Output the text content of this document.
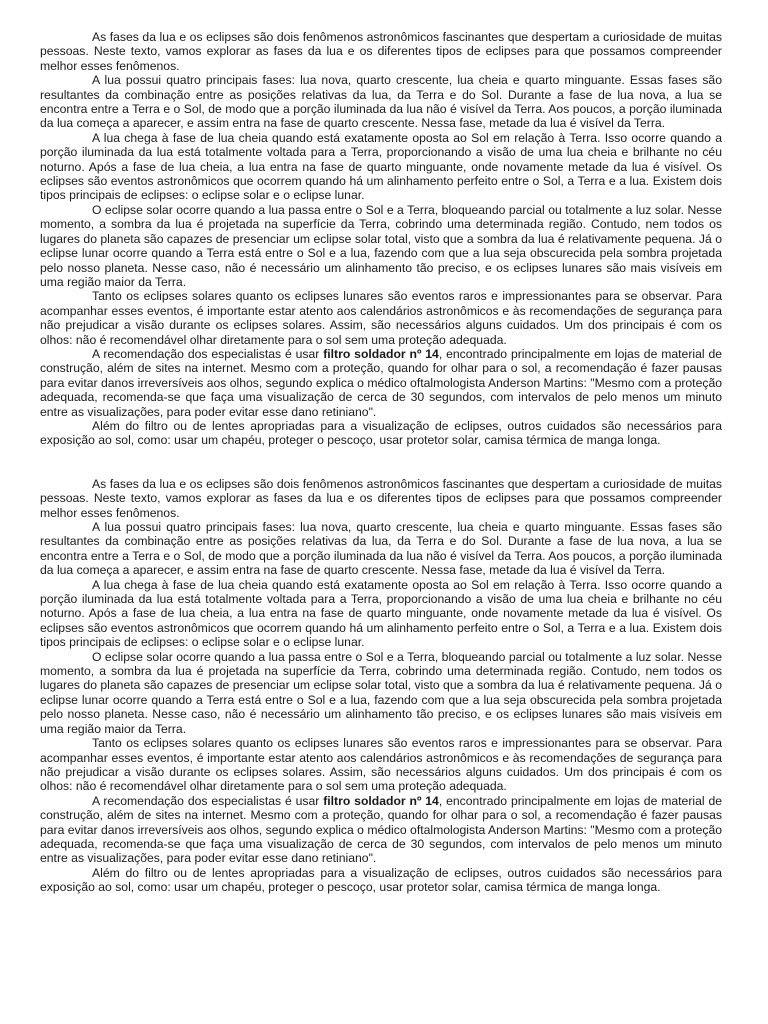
As fases da lua e os eclipses são dois fenômenos astronômicos fascinantes que despertam a curiosidade de muitas pessoas. Neste texto, vamos explorar as fases da lua e os diferentes tipos de eclipses para que possamos compreender melhor esses fenômenos.

A lua possui quatro principais fases: lua nova, quarto crescente, lua cheia e quarto minguante. Essas fases são resultantes da combinação entre as posições relativas da lua, da Terra e do Sol. Durante a fase de lua nova, a lua se encontra entre a Terra e o Sol, de modo que a porção iluminada da lua não é visível da Terra. Aos poucos, a porção iluminada da lua começa a aparecer, e assim entra na fase de quarto crescente. Nessa fase, metade da lua é visível da Terra.

A lua chega à fase de lua cheia quando está exatamente oposta ao Sol em relação à Terra. Isso ocorre quando a porção iluminada da lua está totalmente voltada para a Terra, proporcionando a visão de uma lua cheia e brilhante no céu noturno. Após a fase de lua cheia, a lua entra na fase de quarto minguante, onde novamente metade da lua é visível. Os eclipses são eventos astronômicos que ocorrem quando há um alinhamento perfeito entre o Sol, a Terra e a lua. Existem dois tipos principais de eclipses: o eclipse solar e o eclipse lunar.

O eclipse solar ocorre quando a lua passa entre o Sol e a Terra, bloqueando parcial ou totalmente a luz solar. Nesse momento, a sombra da lua é projetada na superfície da Terra, cobrindo uma determinada região. Contudo, nem todos os lugares do planeta são capazes de presenciar um eclipse solar total, visto que a sombra da lua é relativamente pequena. Já o eclipse lunar ocorre quando a Terra está entre o Sol e a lua, fazendo com que a lua seja obscurecida pela sombra projetada pelo nosso planeta. Nesse caso, não é necessário um alinhamento tão preciso, e os eclipses lunares são mais visíveis em uma região maior da Terra.

Tanto os eclipses solares quanto os eclipses lunares são eventos raros e impressionantes para se observar. Para acompanhar esses eventos, é importante estar atento aos calendários astronômicos e às recomendações de segurança para não prejudicar a visão durante os eclipses solares. Assim, são necessários alguns cuidados. Um dos principais é com os olhos: não é recomendável olhar diretamente para o sol sem uma proteção adequada.

A recomendação dos especialistas é usar filtro soldador nº 14, encontrado principalmente em lojas de material de construção, além de sites na internet. Mesmo com a proteção, quando for olhar para o sol, a recomendação é fazer pausas para evitar danos irreversíveis aos olhos, segundo explica o médico oftalmologista Anderson Martins: "Mesmo com a proteção adequada, recomenda-se que faça uma visualização de cerca de 30 segundos, com intervalos de pelo menos um minuto entre as visualizações, para poder evitar esse dano retiniano".

Além do filtro ou de lentes apropriadas para a visualização de eclipses, outros cuidados são necessários para exposição ao sol, como: usar um chapéu, proteger o pescoço, usar protetor solar, camisa térmica de manga longa.

As fases da lua e os eclipses são dois fenômenos astronômicos fascinantes que despertam a curiosidade de muitas pessoas. Neste texto, vamos explorar as fases da lua e os diferentes tipos de eclipses para que possamos compreender melhor esses fenômenos.

A lua possui quatro principais fases: lua nova, quarto crescente, lua cheia e quarto minguante. Essas fases são resultantes da combinação entre as posições relativas da lua, da Terra e do Sol. Durante a fase de lua nova, a lua se encontra entre a Terra e o Sol, de modo que a porção iluminada da lua não é visível da Terra. Aos poucos, a porção iluminada da lua começa a aparecer, e assim entra na fase de quarto crescente. Nessa fase, metade da lua é visível da Terra.

A lua chega à fase de lua cheia quando está exatamente oposta ao Sol em relação à Terra. Isso ocorre quando a porção iluminada da lua está totalmente voltada para a Terra, proporcionando a visão de uma lua cheia e brilhante no céu noturno. Após a fase de lua cheia, a lua entra na fase de quarto minguante, onde novamente metade da lua é visível. Os eclipses são eventos astronômicos que ocorrem quando há um alinhamento perfeito entre o Sol, a Terra e a lua. Existem dois tipos principais de eclipses: o eclipse solar e o eclipse lunar.

O eclipse solar ocorre quando a lua passa entre o Sol e a Terra, bloqueando parcial ou totalmente a luz solar. Nesse momento, a sombra da lua é projetada na superfície da Terra, cobrindo uma determinada região. Contudo, nem todos os lugares do planeta são capazes de presenciar um eclipse solar total, visto que a sombra da lua é relativamente pequena. Já o eclipse lunar ocorre quando a Terra está entre o Sol e a lua, fazendo com que a lua seja obscurecida pela sombra projetada pelo nosso planeta. Nesse caso, não é necessário um alinhamento tão preciso, e os eclipses lunares são mais visíveis em uma região maior da Terra.

Tanto os eclipses solares quanto os eclipses lunares são eventos raros e impressionantes para se observar. Para acompanhar esses eventos, é importante estar atento aos calendários astronômicos e às recomendações de segurança para não prejudicar a visão durante os eclipses solares. Assim, são necessários alguns cuidados. Um dos principais é com os olhos: não é recomendável olhar diretamente para o sol sem uma proteção adequada.

A recomendação dos especialistas é usar filtro soldador nº 14, encontrado principalmente em lojas de material de construção, além de sites na internet. Mesmo com a proteção, quando for olhar para o sol, a recomendação é fazer pausas para evitar danos irreversíveis aos olhos, segundo explica o médico oftalmologista Anderson Martins: "Mesmo com a proteção adequada, recomenda-se que faça uma visualização de cerca de 30 segundos, com intervalos de pelo menos um minuto entre as visualizações, para poder evitar esse dano retiniano".

Além do filtro ou de lentes apropriadas para a visualização de eclipses, outros cuidados são necessários para exposição ao sol, como: usar um chapéu, proteger o pescoço, usar protetor solar, camisa térmica de manga longa.
